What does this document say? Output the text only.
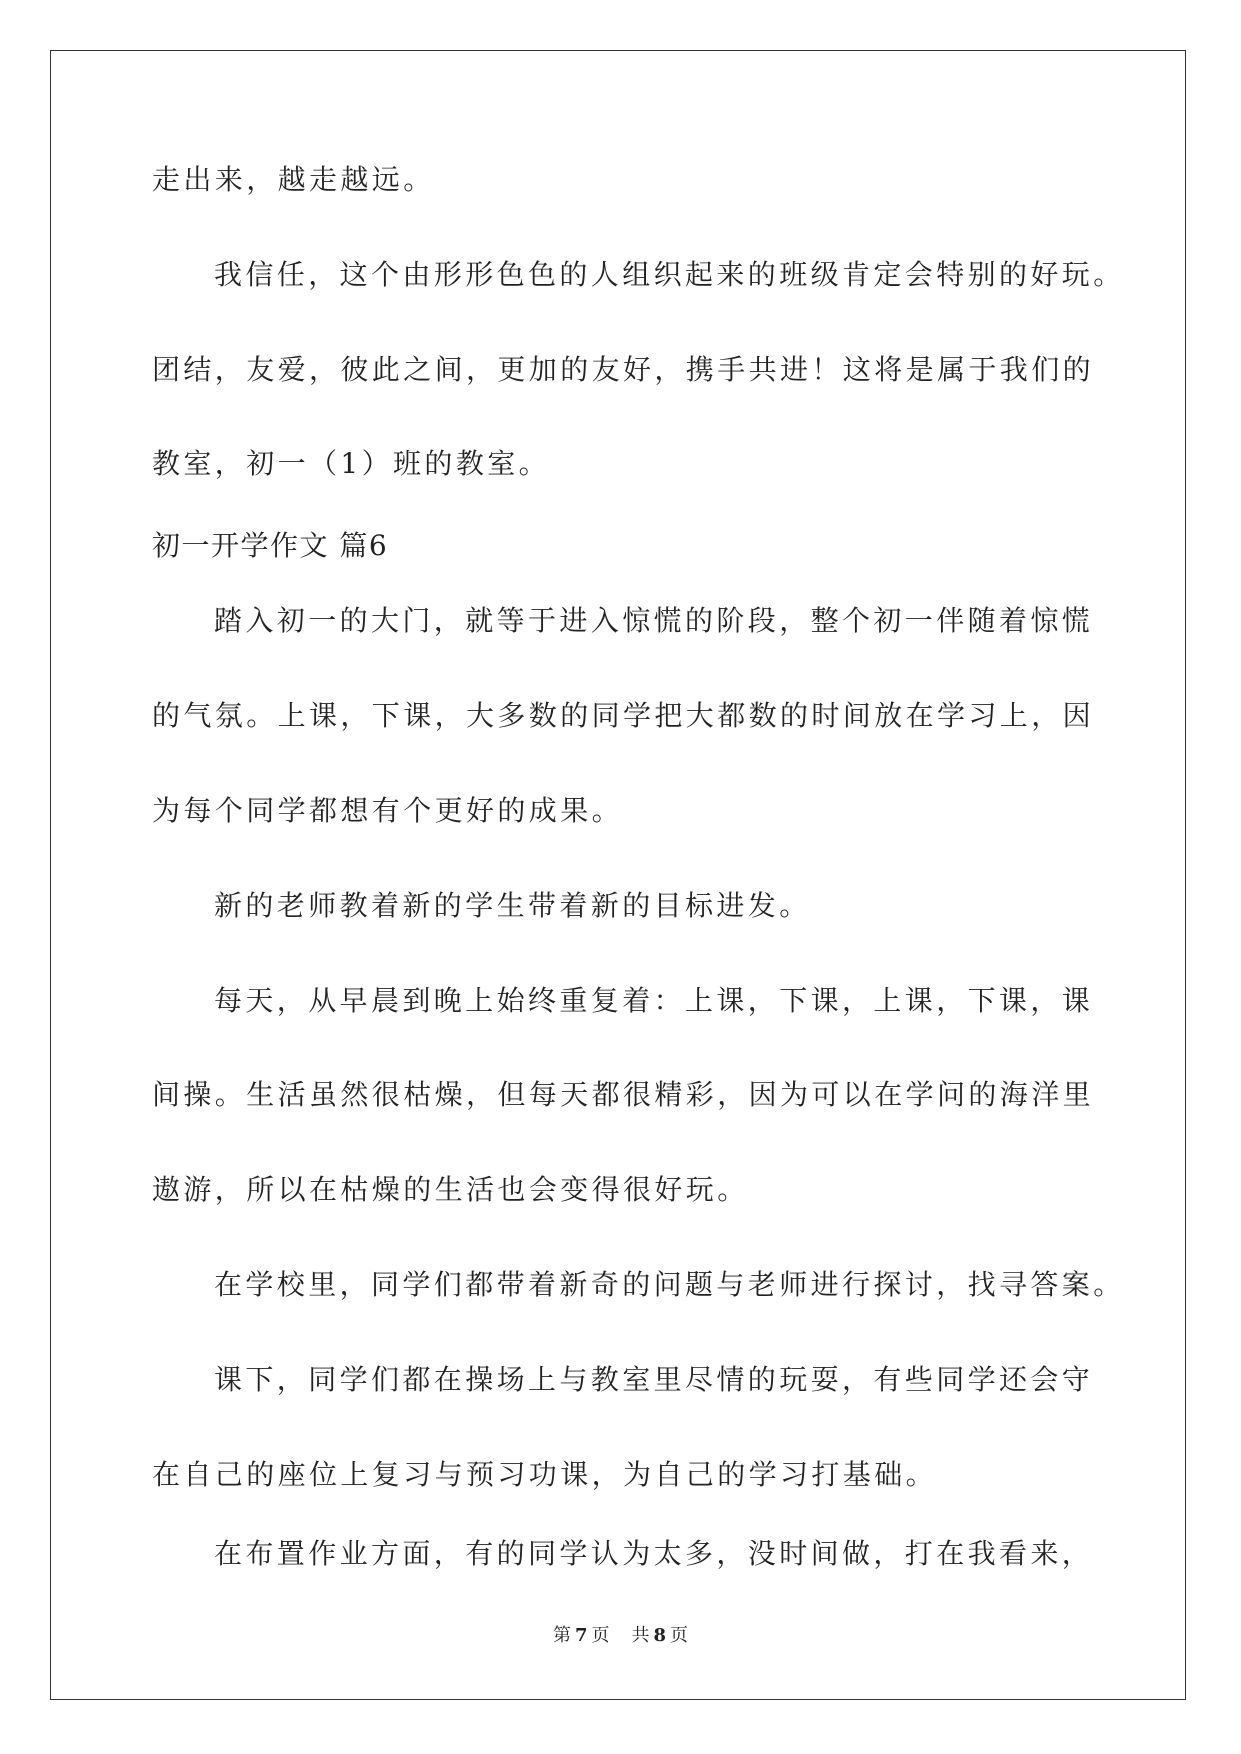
走出来，越走越远。
我信任，这个由形形色色的人组织起来的班级肯定会特别的好玩。
团结，友爱，彼此之间，更加的友好，携手共进！这将是属于我们的
教室，初一（1）班的教室。
初一开学作文 篇6
踏入初一的大门，就等于进入惊慌的阶段，整个初一伴随着惊慌
的气氛。上课，下课，大多数的同学把大都数的时间放在学习上，因
为每个同学都想有个更好的成果。
新的老师教着新的学生带着新的目标进发。
每天，从早晨到晚上始终重复着：上课，下课，上课，下课，课
间操。生活虽然很枯燥，但每天都很精彩，因为可以在学问的海洋里
遨游，所以在枯燥的生活也会变得很好玩。
在学校里，同学们都带着新奇的问题与老师进行探讨，找寻答案。
课下，同学们都在操场上与教室里尽情的玩耍，有些同学还会守
在自己的座位上复习与预习功课，为自己的学习打基础。
在布置作业方面，有的同学认为太多，没时间做，打在我看来，
第 7 页 共 8 页
